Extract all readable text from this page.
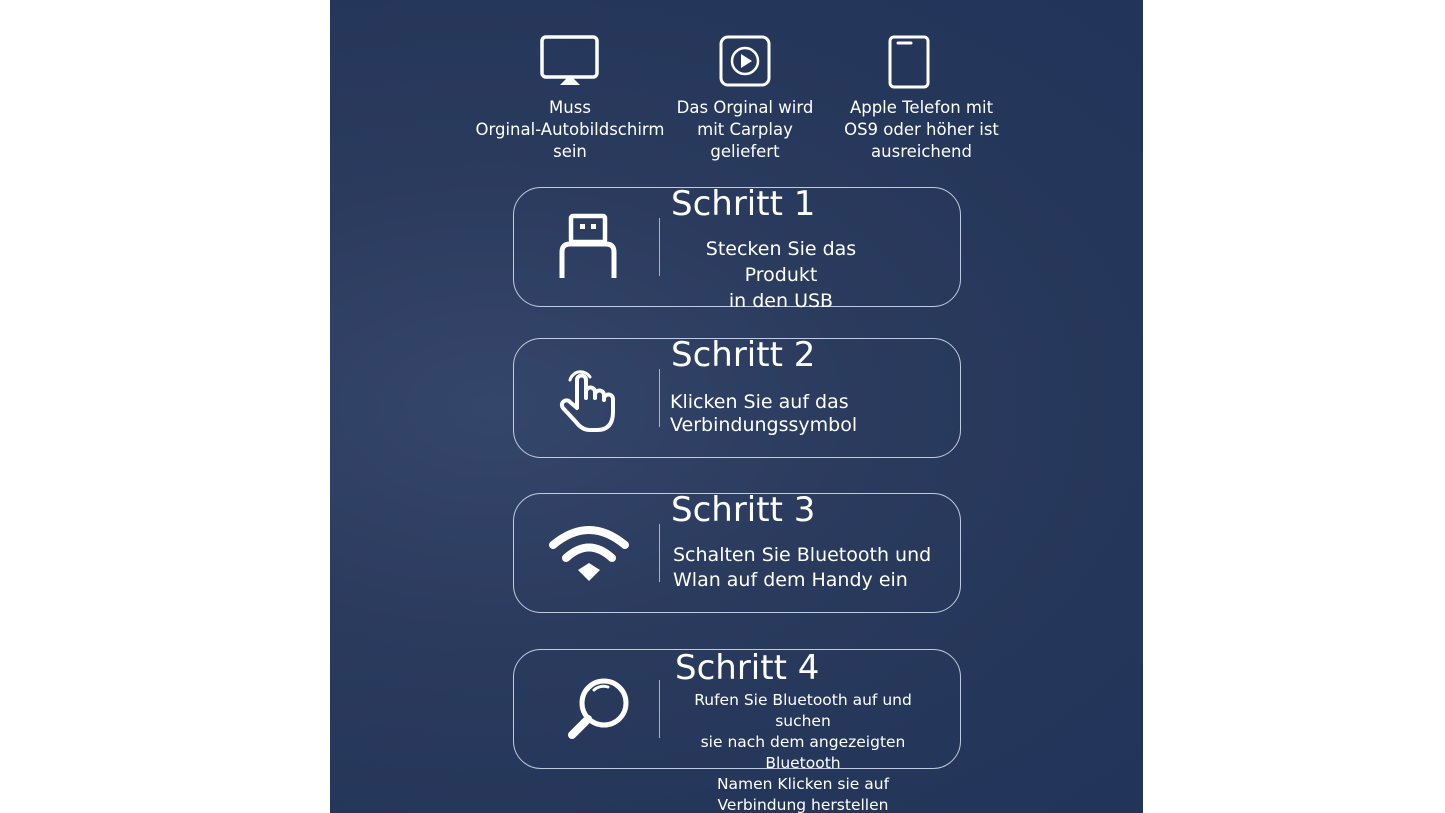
Muss
Orginal-Autobildschirm
sein
Das Orginal wird
mit Carplay
geliefert
Apple Telefon mit
OS9 oder höher ist
ausreichend
Schritt 1
Stecken Sie das Produkt
in den USB
Schritt 2
Klicken Sie auf das
Verbindungssymbol
Schritt 3
Schalten Sie Bluetooth und
Wlan auf dem Handy ein
Schritt 4
Rufen Sie Bluetooth auf und suchen
sie nach dem angezeigten Bluetooth
Namen Klicken sie auf
Verbindung herstellen
